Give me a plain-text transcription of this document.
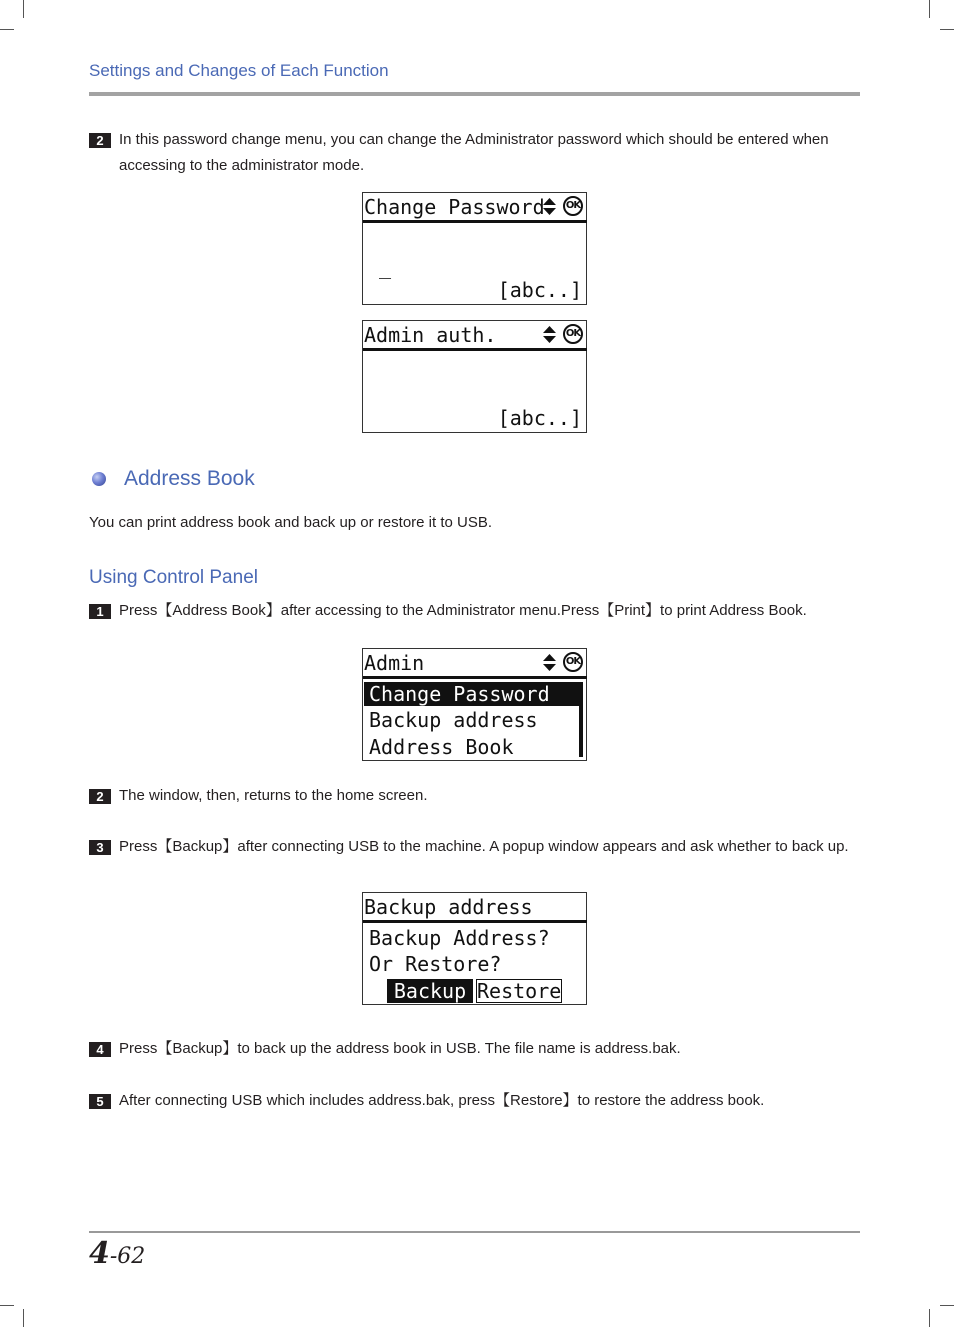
Settings and Changes of Each Function
2	In this password change menu, you can change the Administrator password which should be entered when accessing to the administrator mode.
Change Password	OK
_
[abc..]
Admin auth.	OK
[abc..]
Address Book
You can print address book and back up or restore it to USB.
Using Control Panel
1	Press【Address Book】after accessing to the Administrator menu.Press【Print】to print Address Book.
Admin	OK
Change Password
Backup address
Address Book
2	The window, then, returns to the home screen.
3	Press【Backup】after connecting USB to the machine. A popup window appears and ask whether to back up.
Backup address
Backup Address?
Or Restore?
Backup Restore
4	Press【Backup】to back up the address book in USB. The file name is address.bak.
5	After connecting USB which includes address.bak, press【Restore】to restore the address book.
4-62
